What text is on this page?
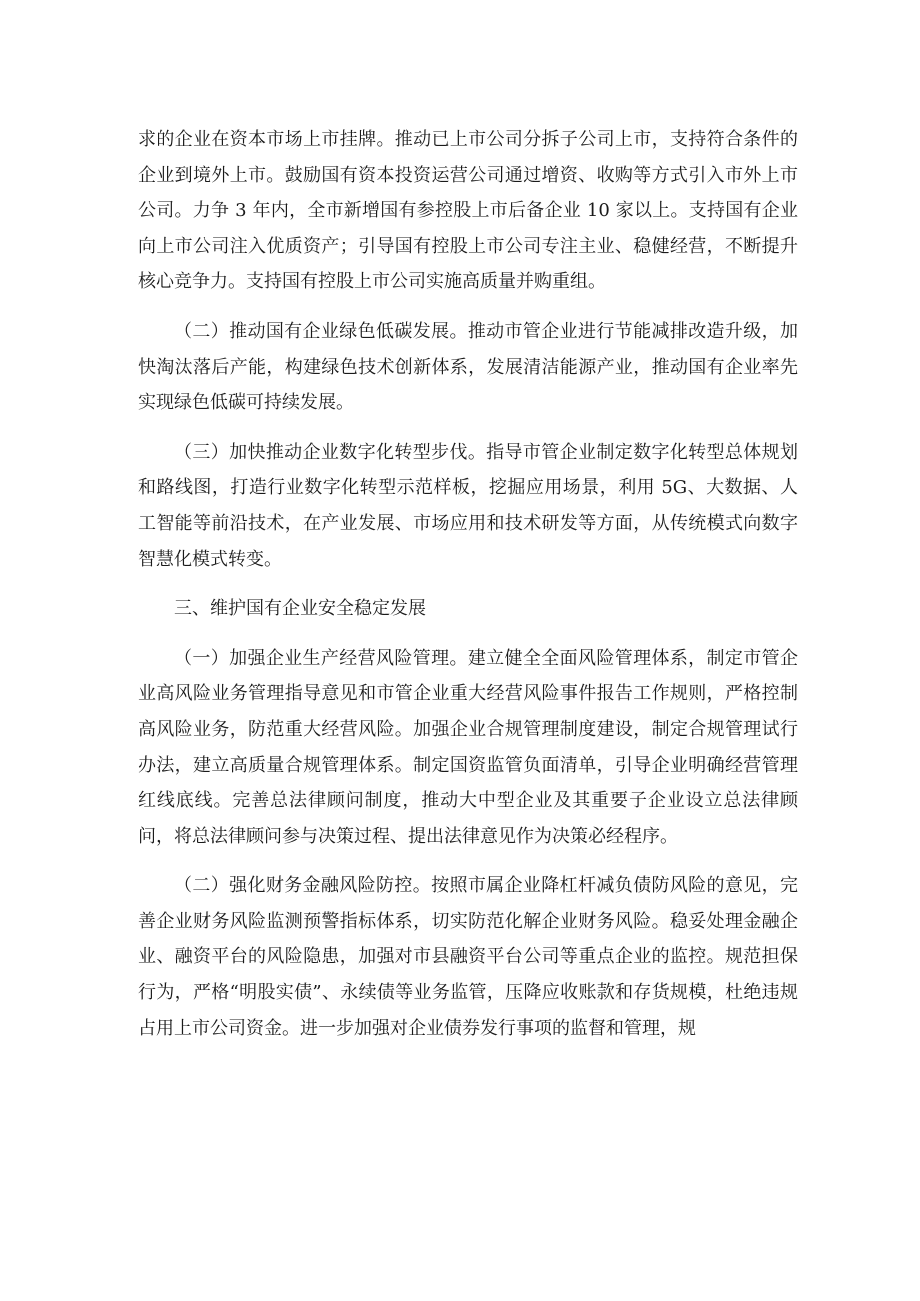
求的企业在资本市场上市挂牌。推动已上市公司分拆子公司上市，支持符合条件的企业到境外上市。鼓励国有资本投资运营公司通过增资、收购等方式引入市外上市公司。力争 3 年内，全市新增国有参控股上市后备企业 10 家以上。支持国有企业向上市公司注入优质资产；引导国有控股上市公司专注主业、稳健经营，不断提升核心竞争力。支持国有控股上市公司实施高质量并购重组。

（二）推动国有企业绿色低碳发展。推动市管企业进行节能减排改造升级，加快淘汰落后产能，构建绿色技术创新体系，发展清洁能源产业，推动国有企业率先实现绿色低碳可持续发展。

（三）加快推动企业数字化转型步伐。指导市管企业制定数字化转型总体规划和路线图，打造行业数字化转型示范样板，挖掘应用场景，利用 5G、大数据、人工智能等前沿技术，在产业发展、市场应用和技术研发等方面，从传统模式向数字智慧化模式转变。

三、维护国有企业安全稳定发展

（一）加强企业生产经营风险管理。建立健全全面风险管理体系，制定市管企业高风险业务管理指导意见和市管企业重大经营风险事件报告工作规则，严格控制高风险业务，防范重大经营风险。加强企业合规管理制度建设，制定合规管理试行办法，建立高质量合规管理体系。制定国资监管负面清单，引导企业明确经营管理红线底线。完善总法律顾问制度，推动大中型企业及其重要子企业设立总法律顾问，将总法律顾问参与决策过程、提出法律意见作为决策必经程序。

（二）强化财务金融风险防控。按照市属企业降杠杆减负债防风险的意见，完善企业财务风险监测预警指标体系，切实防范化解企业财务风险。稳妥处理金融企业、融资平台的风险隐患，加强对市县融资平台公司等重点企业的监控。规范担保行为，严格“明股实债”、永续债等业务监管，压降应收账款和存货规模，杜绝违规占用上市公司资金。进一步加强对企业债券发行事项的监督和管理，规
